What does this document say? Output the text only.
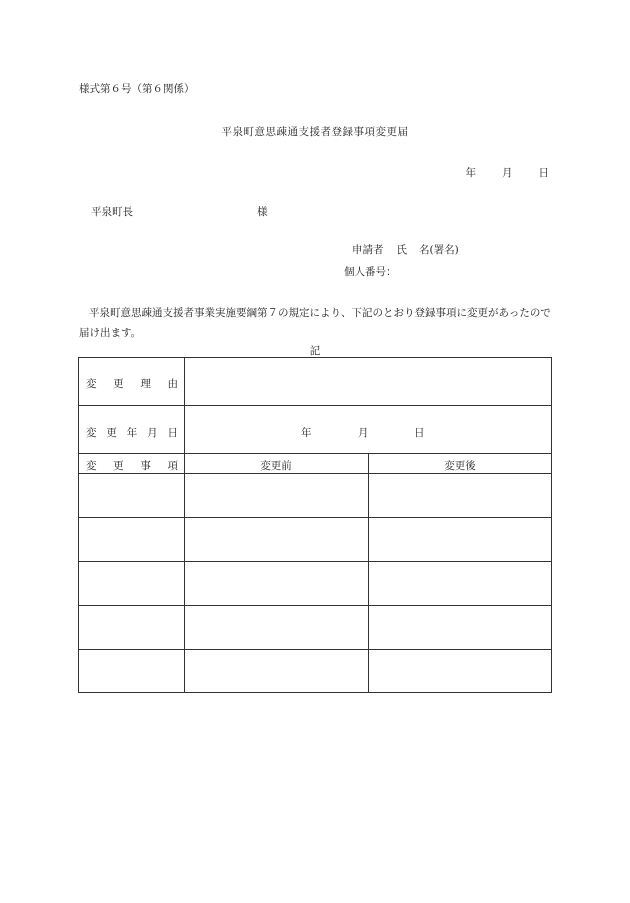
様式第６号（第６関係）
平泉町意思疎通支援者登録事項変更届
年 月 日
平泉町長	様
申請者 氏 名(署名)
個人番号：
平泉町意思疎通支援者事業実施要綱第７の規定により、下記のとおり登録事項に変更があったので届け出ます。
記
変 更 理 由
変 更 年 月 日	年	月	日
変 更 事 項	変更前	変更後
